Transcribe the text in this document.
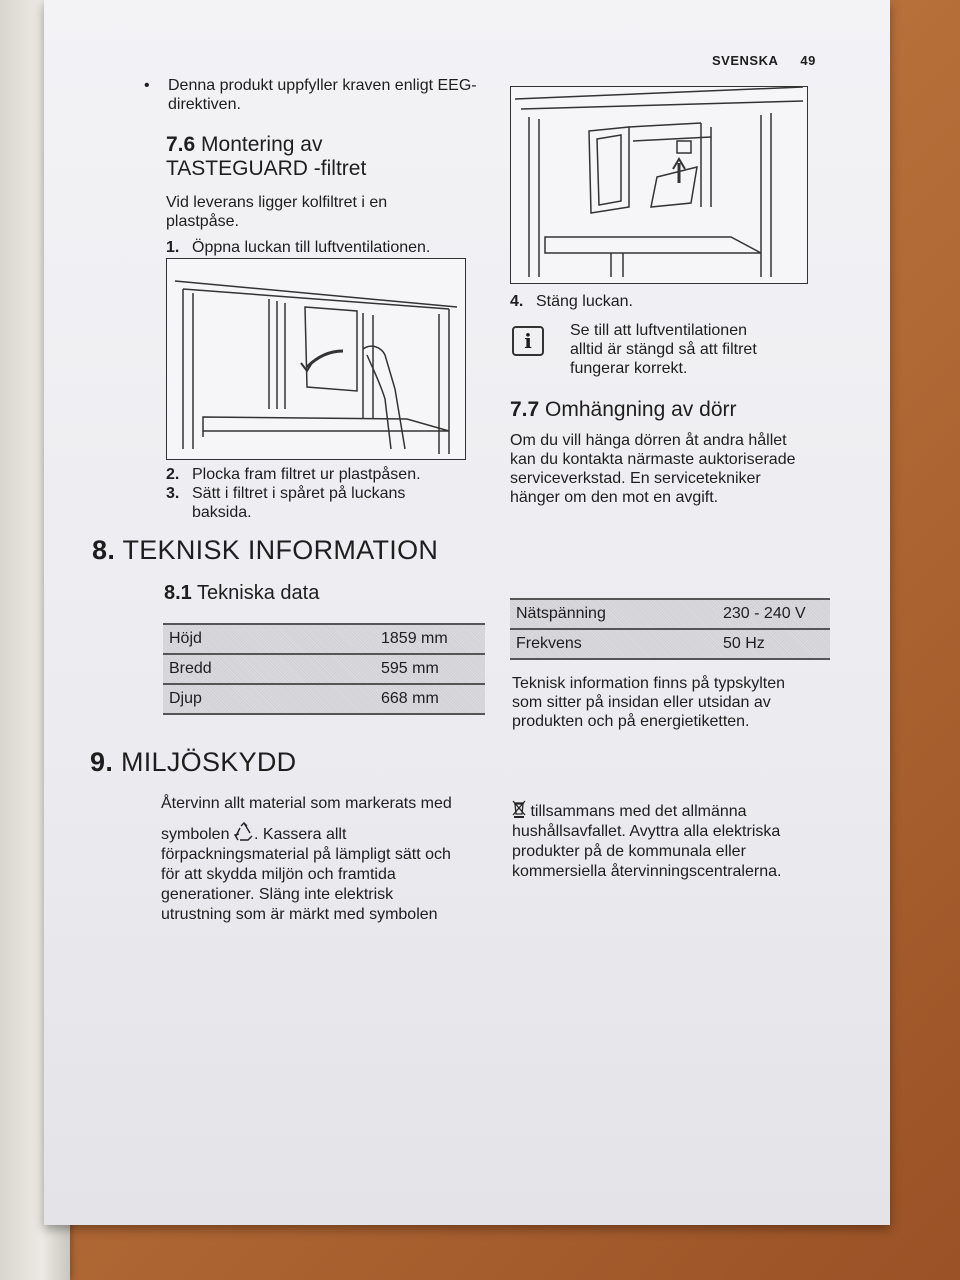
SVENSKA 49
• Denna produkt uppfyller kraven enligt EEG-direktiven.
7.6 Montering av
TASTEGUARD -filtret
Vid leverans ligger kolfiltret i en
plastpåse.
1. Öppna luckan till luftventilationen.
2. Plocka fram filtret ur plastpåsen.
3. Sätt i filtret i spåret på luckans
baksida.
4. Stäng luckan.
i	Se till att luftventilationen
alltid är stängd så att filtret
fungerar korrekt.
7.7 Omhängning av dörr
Om du vill hänga dörren åt andra hållet
kan du kontakta närmaste auktoriserade
serviceverkstad. En servicetekniker
hänger om den mot en avgift.
8. TEKNISK INFORMATION
8.1 Tekniska data
Höjd	1859 mm
Bredd	595 mm
Djup	668 mm
Nätspänning	230 - 240 V
Frekvens	50 Hz
Teknisk information finns på typskylten
som sitter på insidan eller utsidan av
produkten och på energietiketten.
9. MILJÖSKYDD
Återvinn allt material som markerats med
symbolen . Kassera allt
förpackningsmaterial på lämpligt sätt och
för att skydda miljön och framtida
generationer. Släng inte elektrisk
utrustning som är märkt med symbolen
tillsammans med det allmänna
hushållsavfallet. Avyttra alla elektriska
produkter på de kommunala eller
kommersiella återvinningscentralerna.
